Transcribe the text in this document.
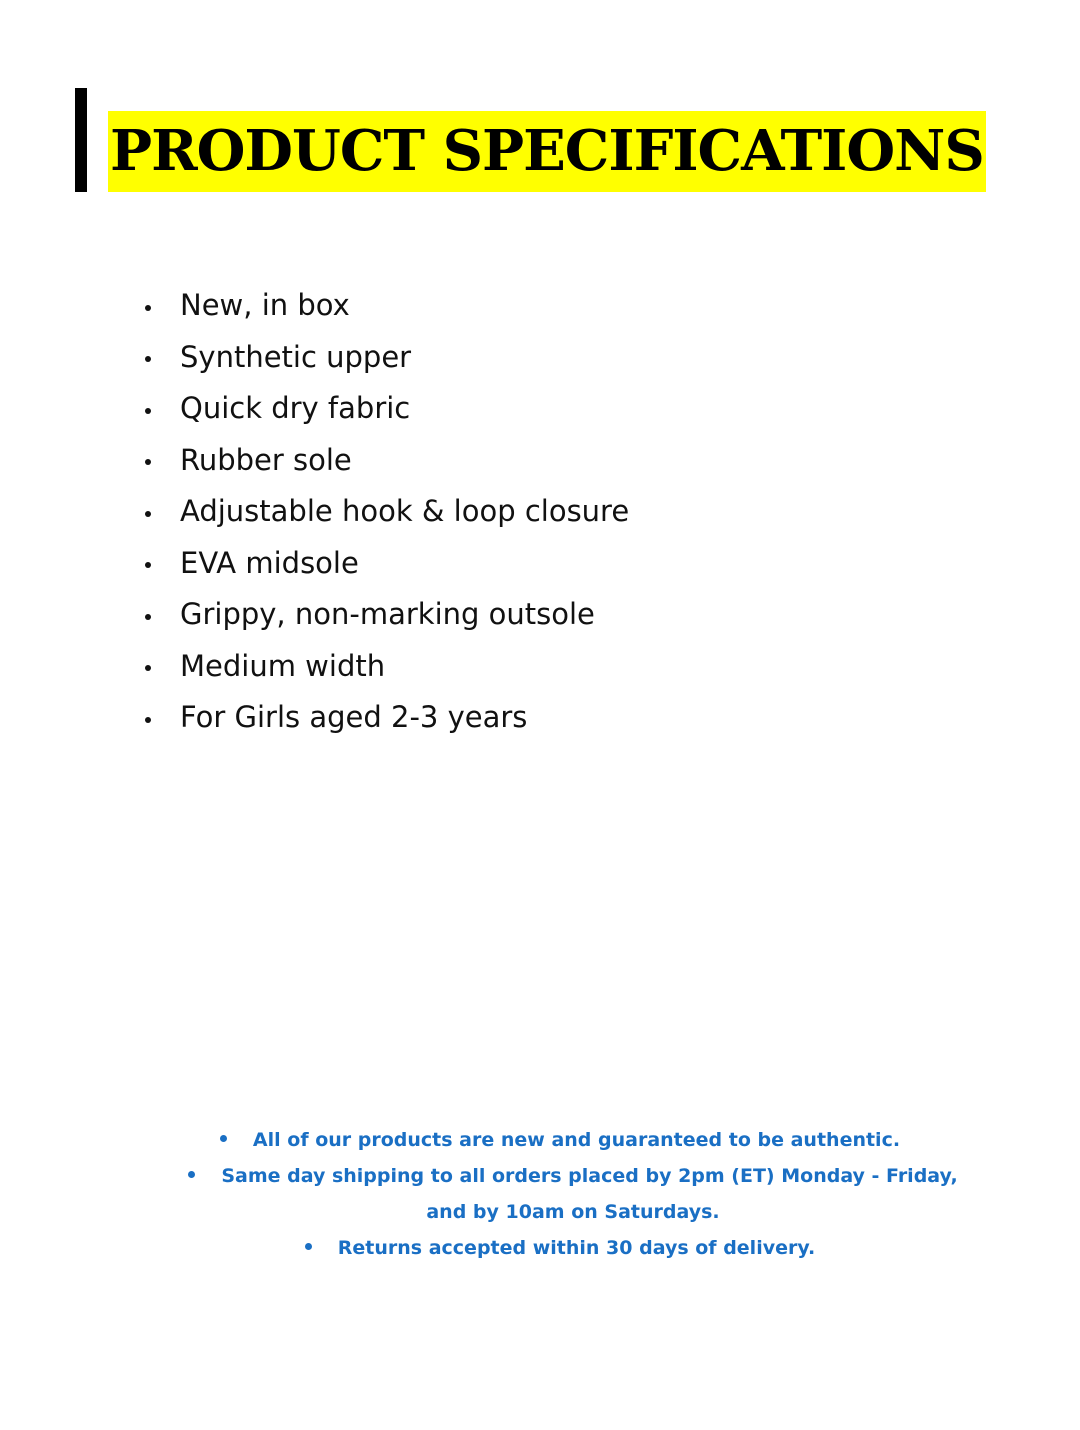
PRODUCT SPECIFICATIONS
New, in box
Synthetic upper
Quick dry fabric
Rubber sole
Adjustable hook & loop closure
EVA midsole
Grippy, non-marking outsole
Medium width
For Girls aged 2-3 years
All of our products are new and guaranteed to be authentic.
Same day shipping to all orders placed by 2pm (ET) Monday - Friday, and by 10am on Saturdays.
Returns accepted within 30 days of delivery.
